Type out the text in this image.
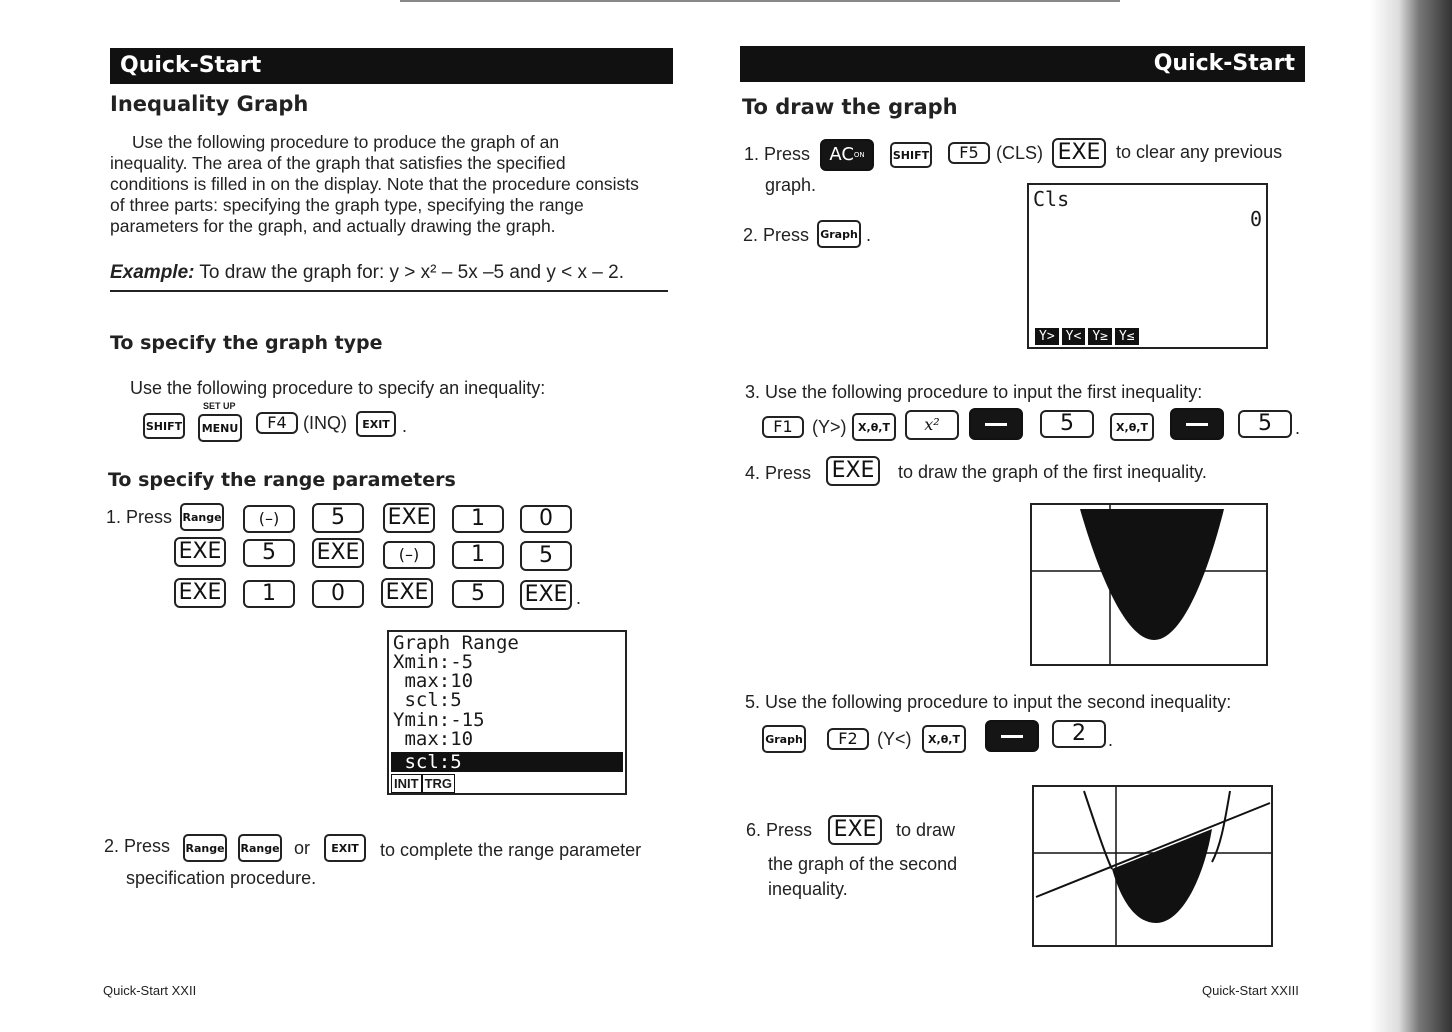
Quick-Start
Inequality Graph
Use the following procedure to produce the graph of an inequality. The area of the graph that satisfies the specified conditions is filled in on the display. Note that the procedure consists of three parts: specifying the graph type, specifying the range parameters for the graph, and actually drawing the graph.
Example: To draw the graph for: y > x² – 5x –5 and y < x – 2.
To specify the graph type
Use the following procedure to specify an inequality:
SHIFT
SET UP
MENU	F4 (INQ)	EXIT .
To specify the range parameters
1. Press Range	(–)	5	EXE	1	0
EXE	5	EXE	(–)	1	5
EXE	1	0	EXE	5	EXE .
Graph Range
Xmin:-5
max:10
scl:5
Ymin:-15
max:10
scl:5
INIT TRG
2. Press Range Range or	EXIT	to complete the range parameter
specification procedure.
Quick-Start XXII
Quick-Start
To draw the graph
1. Press AC ON	SHIFT	F5 (CLS) EXE to clear any previous
graph.
2. Press Graph .
Cls
0
Y> Y< Y≥ Y≤
3. Use the following procedure to input the first inequality:
F1	(Y>)	X,θ,T	x²	5	X,θ,T	5	.
4. Press EXE	to draw the graph of the first inequality.
5. Use the following procedure to input the second inequality:
Graph	F2	(Y<)	X,θ,T	2	.
6. Press EXE	to draw
the graph of the second
inequality.
Quick-Start XXIII
